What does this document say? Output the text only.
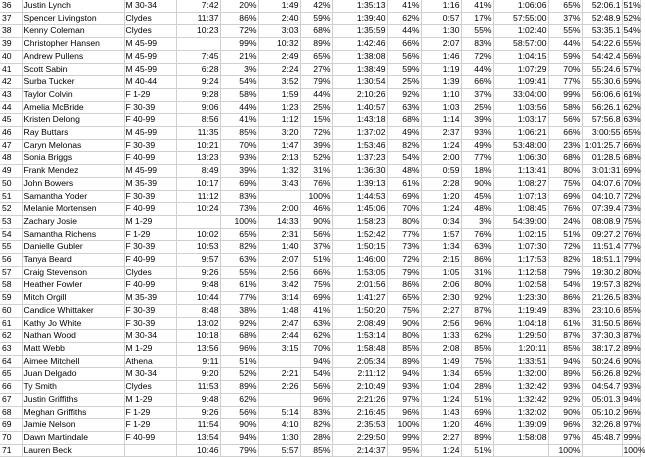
36	Justin Lynch	M 30-34	7:42	20%	1:49	42%	1:35:13	41%	1:16	41%	1:06:06	65%	52:06.1	51%
37	Spencer Livingston	Clydes	11:37	86%	2:40	59%	1:39:40	62%	0:57	17%	57:55:00	37%	52:48.9	52%
38	Kenny Coleman	Clydes	10:23	72%	3:03	68%	1:35:59	44%	1:30	55%	1:02:40	55%	53:35.1	54%
39	Christopher Hansen	M 45-99		99%	10:32	89%	1:42:46	66%	2:07	83%	58:57:00	44%	54:22.6	55%
40	Andrew Pullens	M 45-99	7:45	21%	2:49	65%	1:38:08	56%	1:46	72%	1:04:15	59%	54:42.4	56%
41	Scott Sabin	M 45-99	6:28	3%	2:24	27%	1:38:49	59%	1:19	44%	1:07:29	70%	55:24.6	57%
42	Surba Tucker	M 40-44	9:24	54%	3:52	79%	1:30:54	25%	1:39	66%	1:09:41	77%	55:30.6	59%
43	Taylor Colvin	F 1-29	9:28	58%	1:59	44%	2:10:26	92%	1:10	37%	33:04:00	99%	56:06.6	61%
44	Amelia McBride	F 30-39	9:06	44%	1:23	25%	1:40:57	63%	1:03	25%	1:03:56	58%	56:26.1	62%
45	Kristen Delong	F 40-99	8:56	41%	1:12	15%	1:43:18	68%	1:14	39%	1:03:17	56%	57:56.8	63%
46	Ray Buttars	M 45-99	11:35	85%	3:20	72%	1:37:02	49%	2:37	93%	1:06:21	66%	3:00:55	65%
47	Caryn Melonas	F 30-39	10:21	70%	1:47	39%	1:53:46	82%	1:24	49%	53:48:00	23%	1:01:25.7	66%
48	Sonia Briggs	F 40-99	13:23	93%	2:13	52%	1:37:23	54%	2:00	77%	1:06:30	68%	01:28.5	68%
49	Frank Mendez	M 45-99	8:49	39%	1:32	31%	1:36:30	48%	0:59	18%	1:13:41	80%	3:01:31	69%
50	John Bowers	M 35-39	10:17	69%	3:43	76%	1:39:13	61%	2:28	90%	1:08:27	75%	04:07.6	70%
51	Samantha Yoder	F 30-39	11:12	83%		100%	1:44:53	69%	1:20	45%	1:07:13	69%	04:10.7	72%
52	Melanie Mortensen	F 40-99	10:24	73%	2:00	46%	1:45:06	70%	1:24	48%	1:08:45	76%	07:39.4	73%
53	Zachary Josie	M 1-29		100%	14:33	90%	1:58:23	80%	0:34	3%	54:39:00	24%	08:08.9	75%
54	Samantha Richens	F 1-29	10:02	65%	2:31	56%	1:52:42	77%	1:57	76%	1:02:15	51%	09:27.2	76%
55	Danielle Gubler	F 30-39	10:53	82%	1:40	37%	1:50:15	73%	1:34	63%	1:07:30	72%	11:51.4	77%
56	Tanya Beard	F 40-99	9:57	63%	2:07	51%	1:46:00	72%	2:15	86%	1:17:53	82%	18:51.1	79%
57	Craig Stevenson	Clydes	9:26	55%	2:56	66%	1:53:05	79%	1:05	31%	1:12:58	79%	19:30.2	80%
58	Heather Fowler	F 40-99	9:48	61%	3:42	75%	2:01:56	86%	2:06	80%	1:02:58	54%	19:57.3	82%
59	Mitch Orgill	M 35-39	10:44	77%	3:14	69%	1:41:27	65%	2:30	92%	1:23:30	86%	21:26.5	83%
60	Candice Whittaker	F 30-39	8:48	38%	1:48	41%	1:50:20	75%	2:27	87%	1:19:49	83%	23:10.6	85%
61	Kathy Jo White	F 30-39	13:02	92%	2:47	63%	2:08:49	90%	2:56	96%	1:04:18	61%	31:50.5	86%
62	Nathan Wood	M 30-34	10:18	68%	2:44	62%	1:53:14	80%	1:33	62%	1:29:50	87%	37:30.3	87%
63	Matt Webb	M 1-29	13:56	96%	3:15	70%	1:58:48	85%	2:08	85%	1:20:11	85%	38:17.2	89%
64	Aimee Mitchell	Athena	9:11	51%		94%	2:05:34	89%	1:49	75%	1:33:51	94%	50:24.6	90%
65	Juan Delgado	M 30-34	9:20	52%	2:21	54%	2:11:12	94%	1:34	65%	1:32:00	89%	56:26.8	92%
66	Ty Smith	Clydes	11:53	89%	2:26	56%	2:10:49	93%	1:04	28%	1:32:42	93%	04:54.7	93%
67	Justin Griffiths	M 1-29	9:48	62%		96%	2:21:26	97%	1:24	51%	1:32:42	92%	05:01.3	94%
68	Meghan Griffiths	F 1-29	9:26	56%	5:14	83%	2:16:45	96%	1:43	69%	1:32:02	90%	05:10.2	96%
69	Jamie Nelson	F 1-29	11:54	90%	4:10	82%	2:35:53	100%	1:20	46%	1:39:09	96%	32:26.8	97%
70	Dawn Martindale	F 40-99	13:54	94%	1:30	28%	2:29:50	99%	2:27	89%	1:58:08	97%	45:48.7	99%
71	Lauren Beck		10:46	79%	5:57	85%	2:14:37	95%	1:24	51%		100%		100%
